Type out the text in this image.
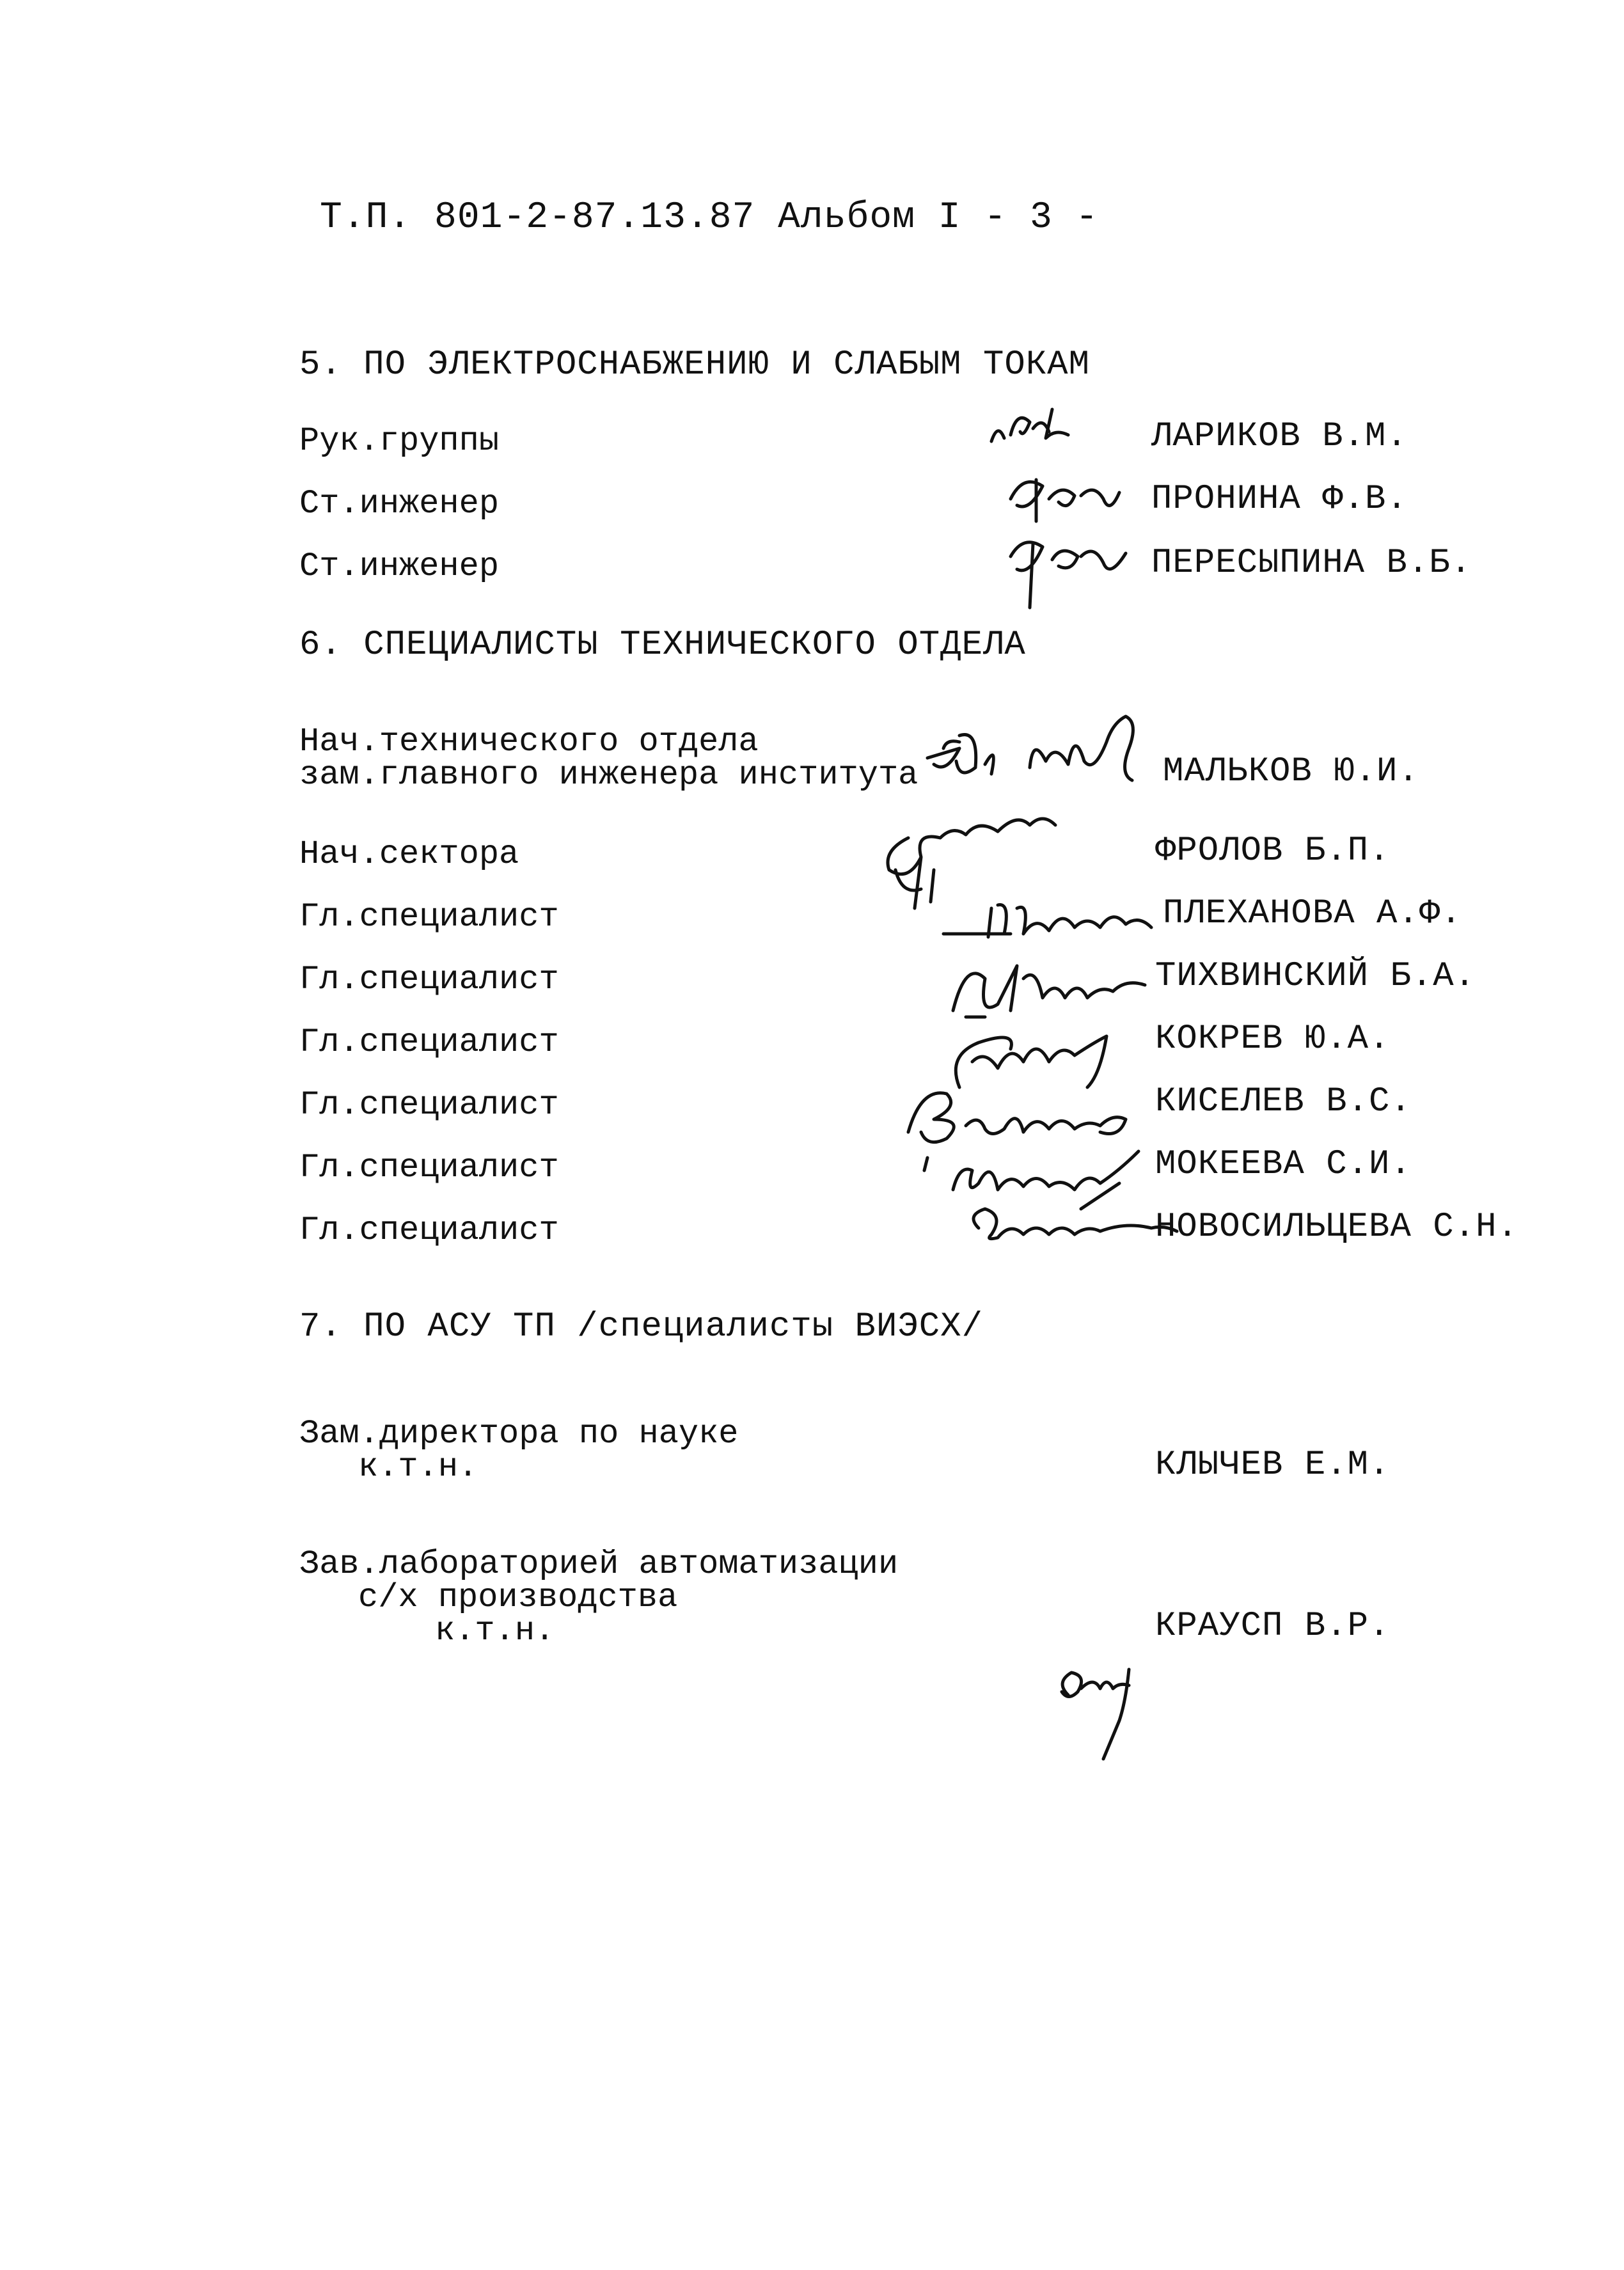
Т.П. 801-2-87.13.87 Альбом I - 3 -
5. ПО ЭЛЕКТРОСНАБЖЕНИЮ И СЛАБЫМ ТОКАМ
Рук.группы	ЛАРИКОВ В.М.
Ст.инженер	ПРОНИНА Ф.В.
Ст.инженер	ПЕРЕСЫПИНА В.Б.
6. СПЕЦИАЛИСТЫ ТЕХНИЧЕСКОГО ОТДЕЛА
Нач.технического отдела
зам.главного инженера института	МАЛЬКОВ Ю.И.
Нач.сектора	ФРОЛОВ Б.П.
Гл.специалист	ПЛЕХАНОВА А.Ф.
Гл.специалист	ТИХВИНСКИЙ Б.А.
Гл.специалист	КОКРЕВ Ю.А.
Гл.специалист	КИСЕЛЕВ В.С.
Гл.специалист	МОКЕЕВА С.И.
Гл.специалист	НОВОСИЛЬЦЕВА С.Н.
7. ПО АСУ ТП /специалисты ВИЭСХ/
Зам.директора по науке
к.т.н.	КЛЫЧЕВ Е.М.
Зав.лабораторией автоматизации
с/х производства
к.т.н.	КРАУСП В.Р.
